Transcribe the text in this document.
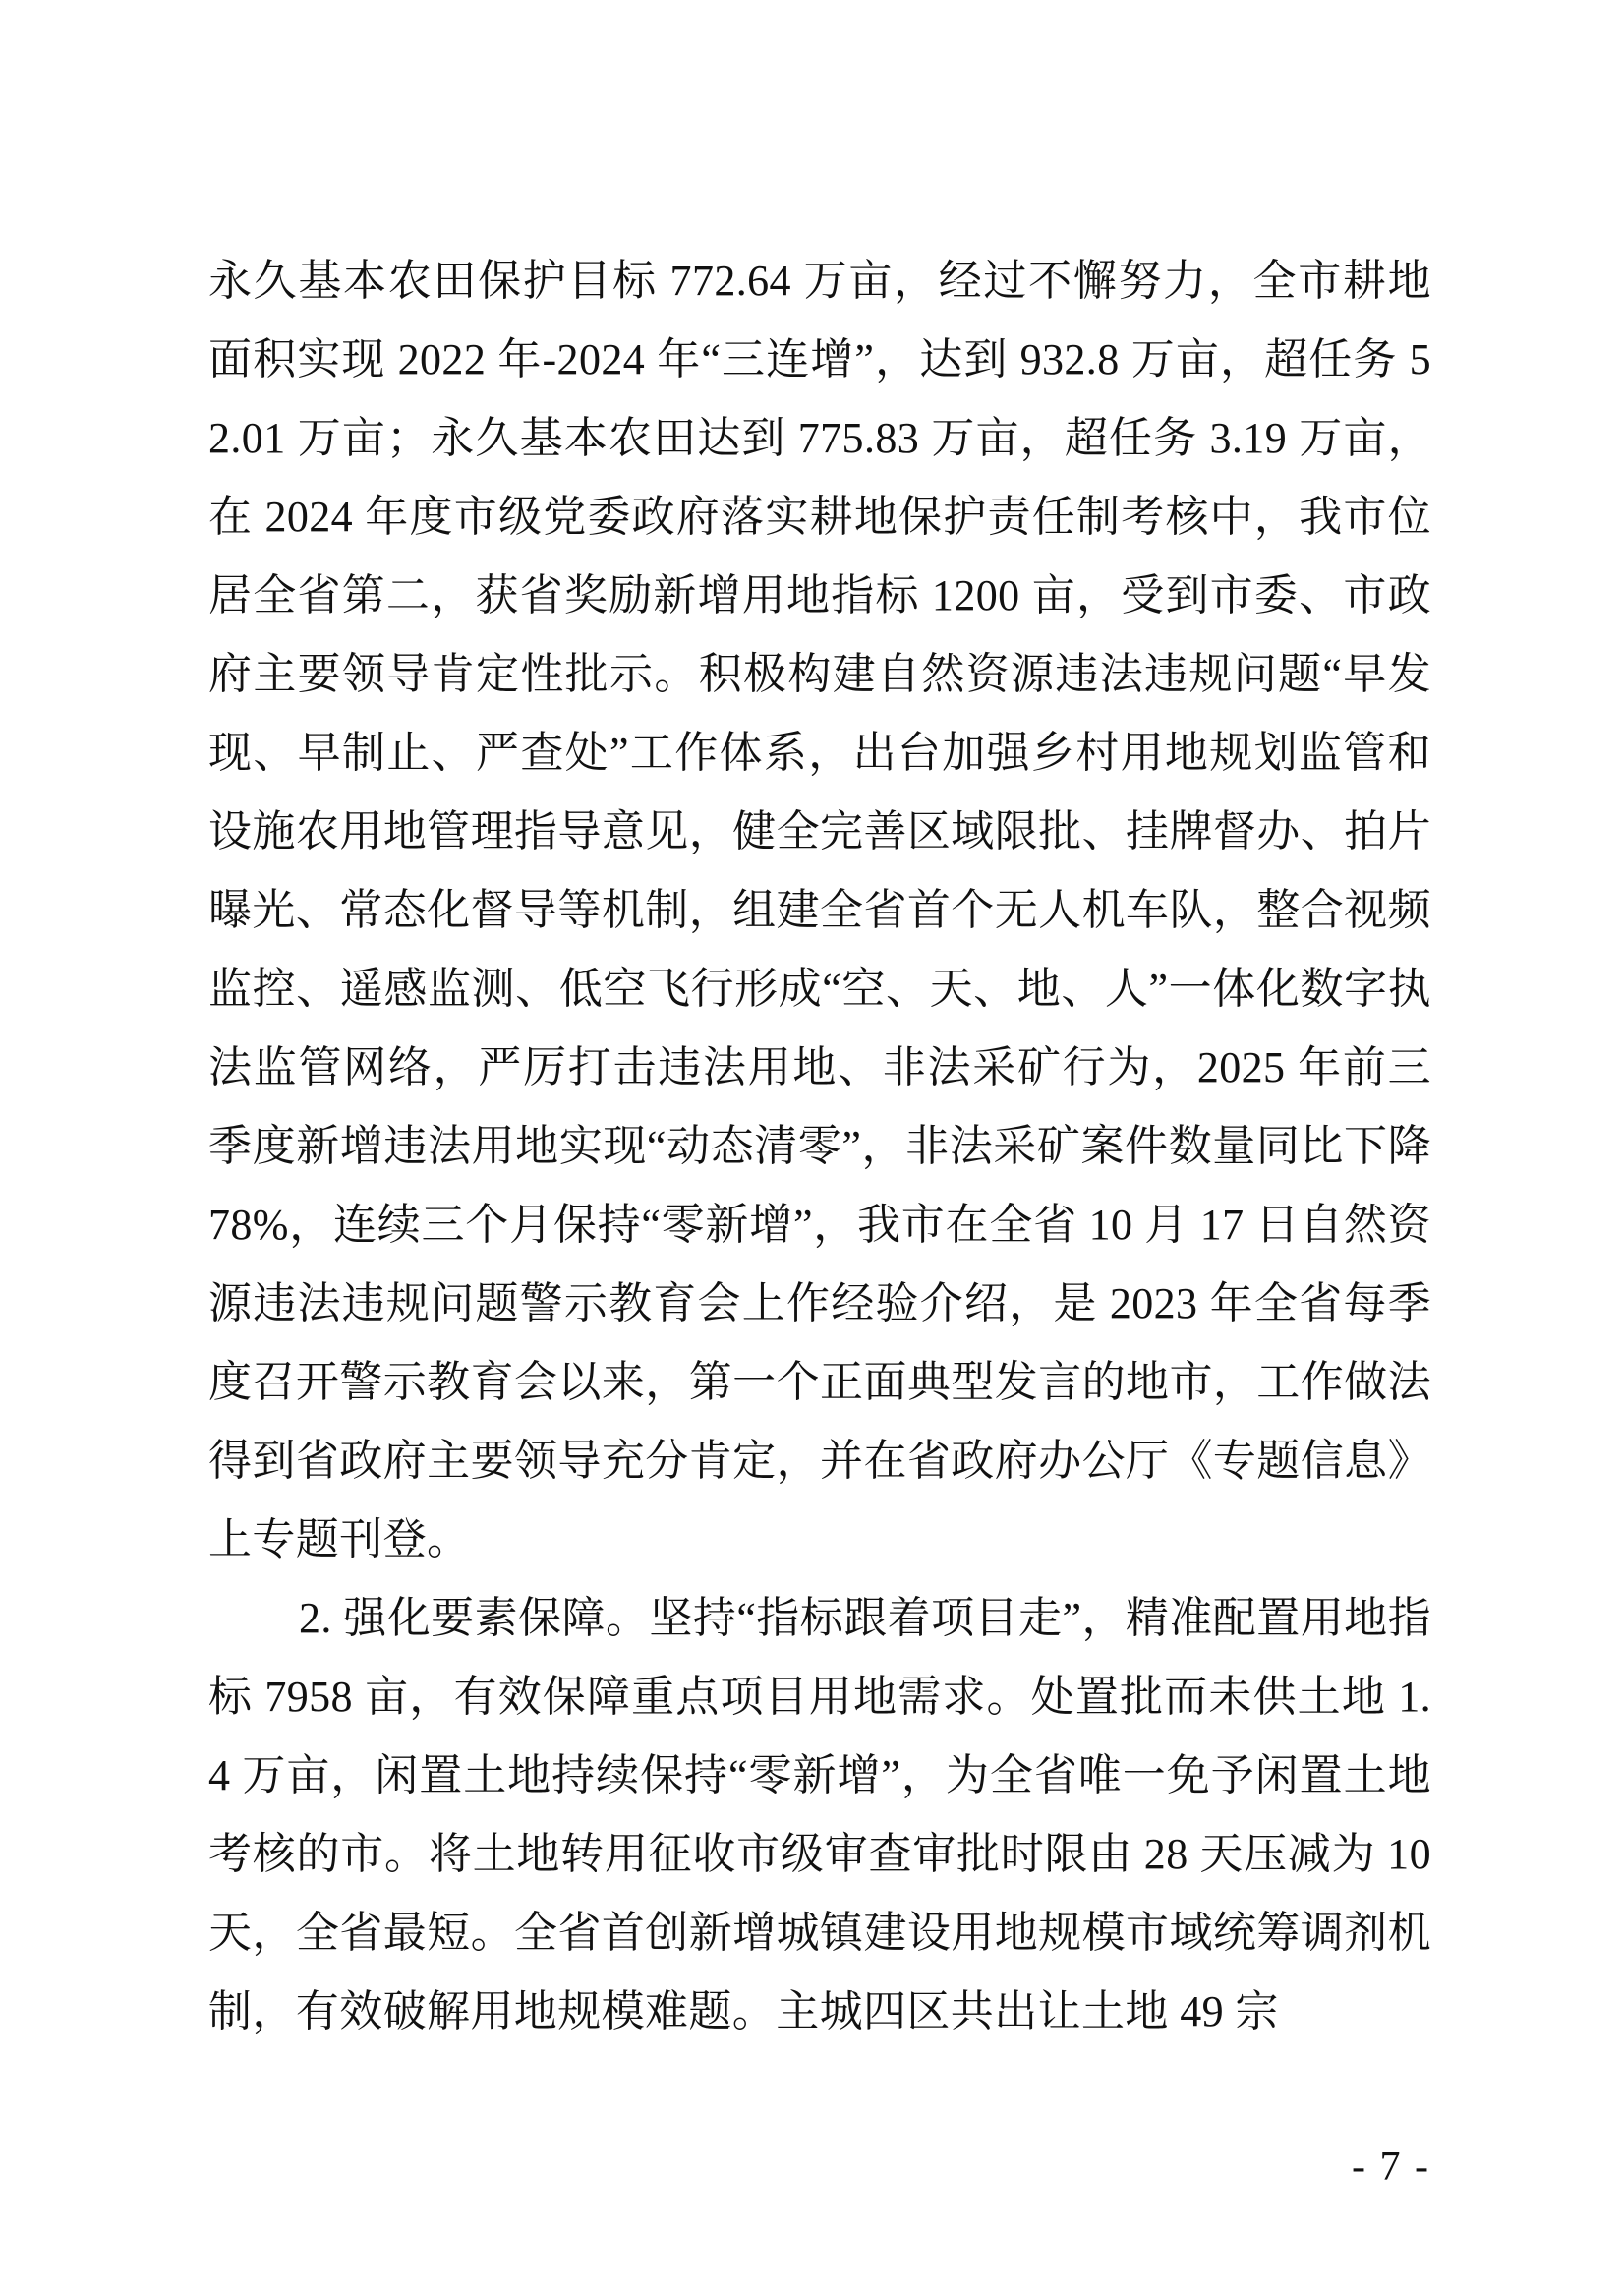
永久基本农田保护目标 772.64 万亩，经过不懈努力，全市耕地面积实现 2022 年-2024 年“三连增”，达到 932.8 万亩，超任务 52.01 万亩；永久基本农田达到 775.83 万亩，超任务 3.19 万亩，在 2024 年度市级党委政府落实耕地保护责任制考核中，我市位居全省第二，获省奖励新增用地指标 1200 亩，受到市委、市政府主要领导肯定性批示。积极构建自然资源违法违规问题“早发现、早制止、严查处”工作体系，出台加强乡村用地规划监管和设施农用地管理指导意见，健全完善区域限批、挂牌督办、拍片曝光、常态化督导等机制，组建全省首个无人机车队，整合视频监控、遥感监测、低空飞行形成“空、天、地、人”一体化数字执法监管网络，严厉打击违法用地、非法采矿行为，2025 年前三季度新增违法用地实现“动态清零”，非法采矿案件数量同比下降 78%，连续三个月保持“零新增”，我市在全省 10 月 17 日自然资源违法违规问题警示教育会上作经验介绍，是 2023 年全省每季度召开警示教育会以来，第一个正面典型发言的地市，工作做法得到省政府主要领导充分肯定，并在省政府办公厅《专题信息》上专题刊登。

2. 强化要素保障。坚持“指标跟着项目走”，精准配置用地指标 7958 亩，有效保障重点项目用地需求。处置批而未供土地 1.4 万亩，闲置土地持续保持“零新增”，为全省唯一免予闲置土地考核的市。将土地转用征收市级审查审批时限由 28 天压减为 10 天，全省最短。全省首创新增城镇建设用地规模市域统筹调剂机制，有效破解用地规模难题。主城四区共出让土地 49 宗

- 7 -
